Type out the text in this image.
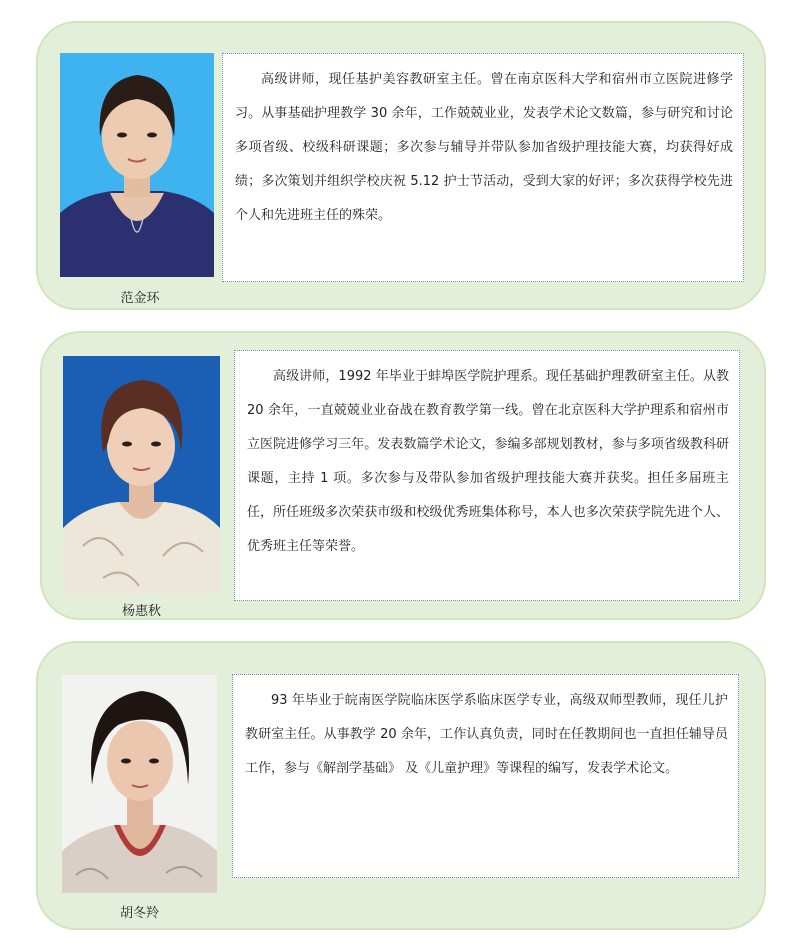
范金环
高级讲师，现任基护美容教研室主任。曾在南京医科大学和宿州市立医院进修学习。从事基础护理教学 30 余年，工作兢兢业业，发表学术论文数篇，参与研究和讨论多项省级、校级科研课题；多次参与辅导并带队参加省级护理技能大赛，均获得好成绩；多次策划并组织学校庆祝 5.12 护士节活动，受到大家的好评；多次获得学校先进个人和先进班主任的殊荣。
杨惠秋
高级讲师，1992 年毕业于蚌埠医学院护理系。现任基础护理教研室主任。从教 20 余年，一直兢兢业业奋战在教育教学第一线。曾在北京医科大学护理系和宿州市立医院进修学习三年。发表数篇学术论文，参编多部规划教材，参与多项省级教科研课题，主持 1 项。多次参与及带队参加省级护理技能大赛并获奖。担任多届班主任，所任班级多次荣获市级和校级优秀班集体称号，本人也多次荣获学院先进个人、优秀班主任等荣誉。
胡冬羚
93 年毕业于皖南医学院临床医学系临床医学专业，高级双师型教师，现任儿护教研室主任。从事教学 20 余年，工作认真负责，同时在任教期间也一直担任辅导员工作，参与《解剖学基础》 及《儿童护理》等课程的编写，发表学术论文。
